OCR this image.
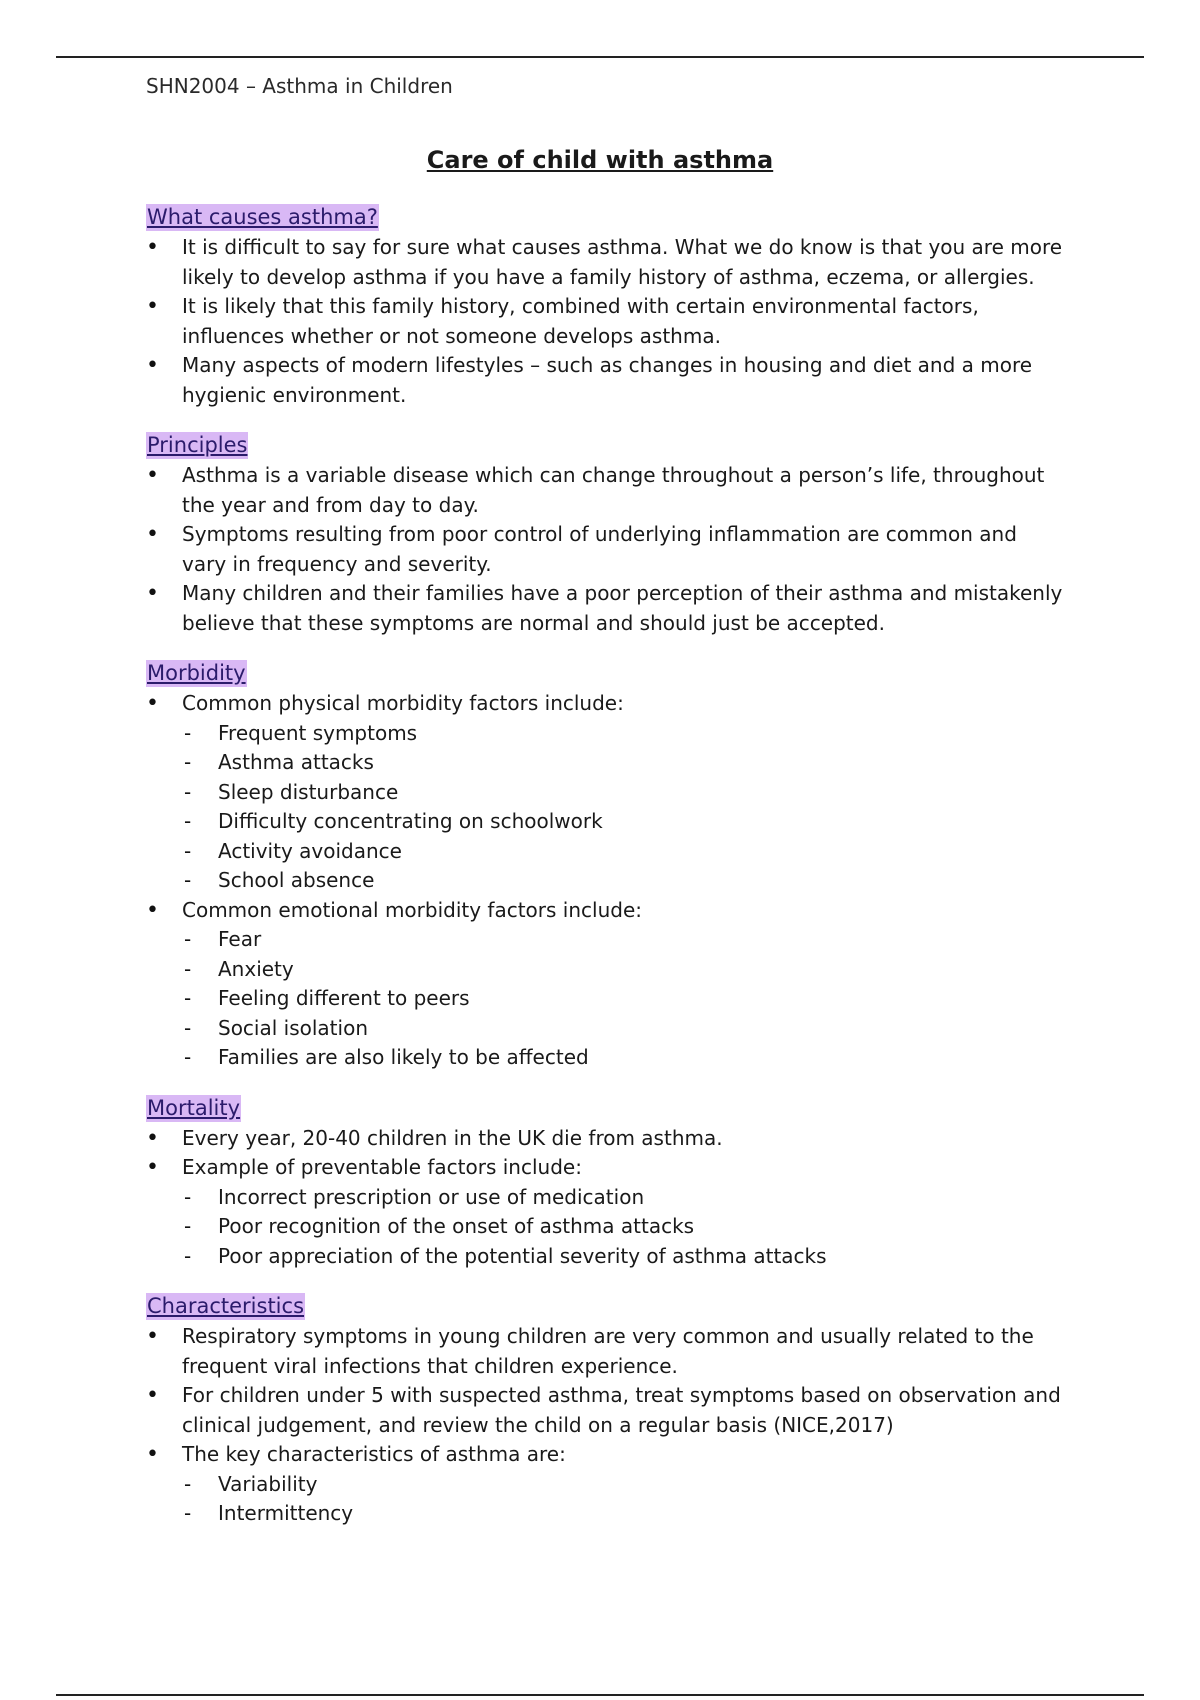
SHN2004 – Asthma in Children
Care of child with asthma
What causes asthma?
• It is difficult to say for sure what causes asthma. What we do know is that you are more likely to develop asthma if you have a family history of asthma, eczema, or allergies.
• It is likely that this family history, combined with certain environmental factors, influences whether or not someone develops asthma.
• Many aspects of modern lifestyles – such as changes in housing and diet and a more hygienic environment.
Principles
• Asthma is a variable disease which can change throughout a person’s life, throughout the year and from day to day.
• Symptoms resulting from poor control of underlying inflammation are common and vary in frequency and severity.
• Many children and their families have a poor perception of their asthma and mistakenly believe that these symptoms are normal and should just be accepted.
Morbidity
• Common physical morbidity factors include:
- Frequent symptoms
- Asthma attacks
- Sleep disturbance
- Difficulty concentrating on schoolwork
- Activity avoidance
- School absence
• Common emotional morbidity factors include:
- Fear
- Anxiety
- Feeling different to peers
- Social isolation
- Families are also likely to be affected
Mortality
• Every year, 20-40 children in the UK die from asthma.
• Example of preventable factors include:
- Incorrect prescription or use of medication
- Poor recognition of the onset of asthma attacks
- Poor appreciation of the potential severity of asthma attacks
Characteristics
• Respiratory symptoms in young children are very common and usually related to the frequent viral infections that children experience.
• For children under 5 with suspected asthma, treat symptoms based on observation and clinical judgement, and review the child on a regular basis (NICE,2017)
• The key characteristics of asthma are:
- Variability
- Intermittency
